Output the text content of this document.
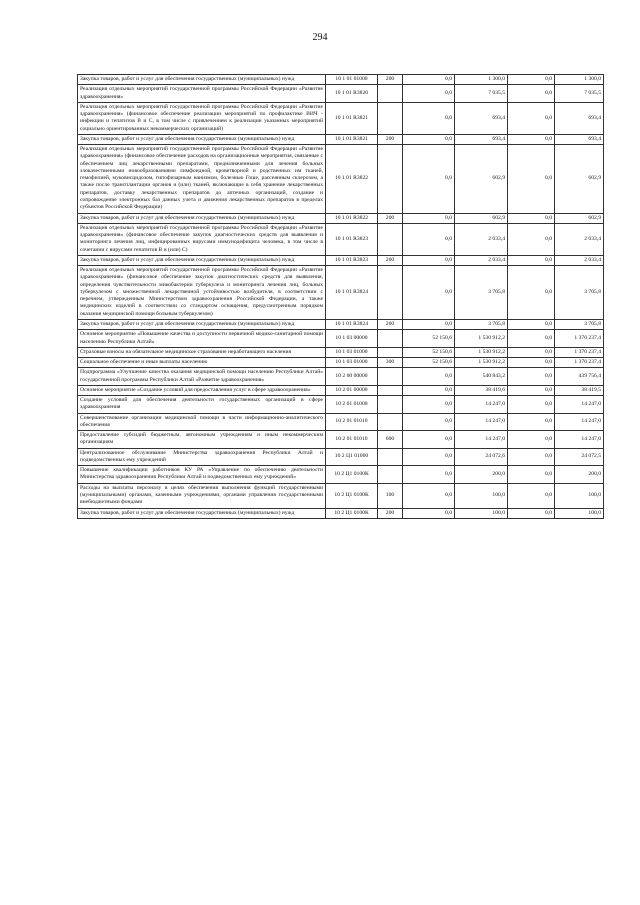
294
Закупка товаров, работ и услуг для обеспечения государственных (муниципальных) нужд	10 1 01 01000	200	0,0	1 300,0	0,0	1 300,0
Реализация отдельных мероприятий государственной программы Российской Федерации «Развитие здравоохранения»	10 1 01 R3820		0,0	7 035,5	0,0	7 035,5
Реализация отдельных мероприятий государственной программы Российской Федерации «Развитие здравоохранения» (финансовое обеспечение реализации мероприятий по профилактике ВИЧ - инфекции и гепатитов В и С, в том числе с привлечением к реализации указанных мероприятий социально ориентированных некоммерческих организаций)	10 1 01 R3821		0,0	693,4	0,0	693,4
Закупка товаров, работ и услуг для обеспечения государственных (муниципальных) нужд	10 1 01 R3821	200	0,0	693,4	0,0	693,4
Реализация отдельных мероприятий государственной программы Российской Федерации «Развитие здравоохранения» (финансовое обеспечение расходов на организационные мероприятия, связанные с обеспечением лиц лекарственными препаратами, предназначенными для лечения больных злокачественными новообразованиями лимфоидной, кроветворной и родственных им тканей, гемофилией, муковисцидозом, гипофизарным нанизмом, болезнью Гоше, рассеянным склерозом, а также после трансплантации органов и (или) тканей, включающие в себя хранение лекарственных препаратов, доставку лекарственных препаратов до аптечных организаций, создание и сопровождение электронных баз данных учета и движения лекарственных препаратов в пределах субъектов Российской Федерации)	10 1 01 R3822		0,0	602,9	0,0	602,9
Закупка товаров, работ и услуг для обеспечения государственных (муниципальных) нужд	10 1 01 R3822	200	0,0	602,9	0,0	602,9
Реализация отдельных мероприятий государственной программы Российской Федерации «Развитие здравоохранения» (финансовое обеспечение закупок диагностических средств для выявления и мониторинга лечения лиц, инфицированных вирусами иммунодефицита человека, в том числе в сочетании с вирусами гепатитов В и (или) С)	10 1 01 R3823		0,0	2 033,4	0,0	2 033,4
Закупка товаров, работ и услуг для обеспечения государственных (муниципальных) нужд	10 1 01 R3823	200	0,0	2 033,4	0,0	2 033,4
Реализация отдельных мероприятий государственной программы Российской Федерации «Развитие здравоохранения» (финансовое обеспечение закупок диагностических средств для выявления, определения чувствительности микобактерии туберкулеза и мониторинга лечения лиц, больных туберкулезом с множественной лекарственной устойчивостью возбудителя, в соответствии с перечнем, утвержденным Министерством здравоохранения Российской Федерации, а также медицинских изделий в соответствии со стандартом оснащения, предусмотренным порядком оказания медицинской помощи больным туберкулезом)	10 1 01 R3824		0,0	3 705,8	0,0	3 705,8
Закупка товаров, работ и услуг для обеспечения государственных (муниципальных) нужд	10 1 01 R3824	200	0,0	3 705,8	0,0	3 705,8
Основное мероприятие «Повышение качества и доступности первичной медико-санитарной помощи населению Республики Алтай»	10 1 03 00000		52 150,6	1 530 912,2	0,0	1 370 237,4
Страховые взносы на обязательное медицинское страхование неработающего населения	10 1 03 01000		52 150,6	1 530 912,2	0,0	1 370 237,4
Социальное обеспечение и иные выплаты населению	10 1 03 01000	300	52 150,6	1 530 912,2	0,0	1 370 237,4
Подпрограмма «Улучшение качества оказания медицинской помощи населению Республики Алтай» государственной программы Республики Алтай «Развитие здравоохранения»	10 2 00 00000		0,0	540 843,2	0,0	439 756,4
Основное мероприятие «Создание условий для предоставления услуг в сфере здравоохранения»	10 2 01 00000		0,0	38 419,6	0,0	38 419,5
Создание условий для обеспечения деятельности государственных организаций в сфере здравоохранения	10 2 01 01000		0,0	14 247,0	0,0	14 247,0
Совершенствование организации медицинской помощи в части информационно-аналитического обеспечения	10 2 01 01010		0,0	14 247,0	0,0	14 247,0
Предоставление субсидий бюджетным, автономным учреждениям и иным некоммерческим организациям	10 2 01 01010	600	0,0	14 247,0	0,0	14 247,0
Централизованное обслуживание Министерства здравоохранения Республики Алтай и подведомственных ему учреждений	10 2 Ц1 01000		0,0	24 072,6	0,0	24 072,5
Повышение квалификации работников КУ РА «Управление по обеспечению деятельности Министерства здравоохранения Республики Алтай и подведомственных ему учреждений»	10 2 Ц1 0100К		0,0	200,0	0,0	200,0
Расходы на выплаты персоналу в целях обеспечения выполнения функций государственными (муниципальными) органами, казенными учреждениями, органами управления государственными внебюджетными фондами	10 2 Ц1 0100К	100	0,0	100,0	0,0	100,0
Закупка товаров, работ и услуг для обеспечения государственных (муниципальных) нужд	10 2 Ц1 0100К	200	0,0	100,0	0,0	100,0
